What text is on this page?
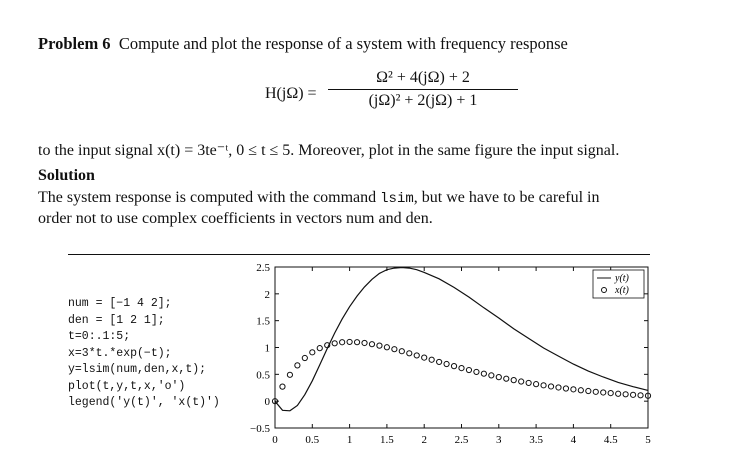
Problem 6 Compute and plot the response of a system with frequency response
H(jΩ) =
Ω² + 4(jΩ) + 2
(jΩ)² + 2(jΩ) + 1
to the input signal x(t) = 3te⁻ᵗ, 0 ≤ t ≤ 5. Moreover, plot in the same figure the input signal.
Solution
The system response is computed with the command lsim, but we have to be careful in
order not to use complex coefficients in vectors num and den.
num = [−1 4 2];
den = [1 2 1];
t=0:.1:5;
x=3*t.*exp(−t);
y=lsim(num,den,x,t);
plot(t,y,t,x,'o')
legend('y(t)', 'x(t)')
0	0.5	1	1.5	2	2.5	3	3.5	4	4.5	5
−0.5
0
0.5
1
1.5
2
2.5
y(t)
x(t)
